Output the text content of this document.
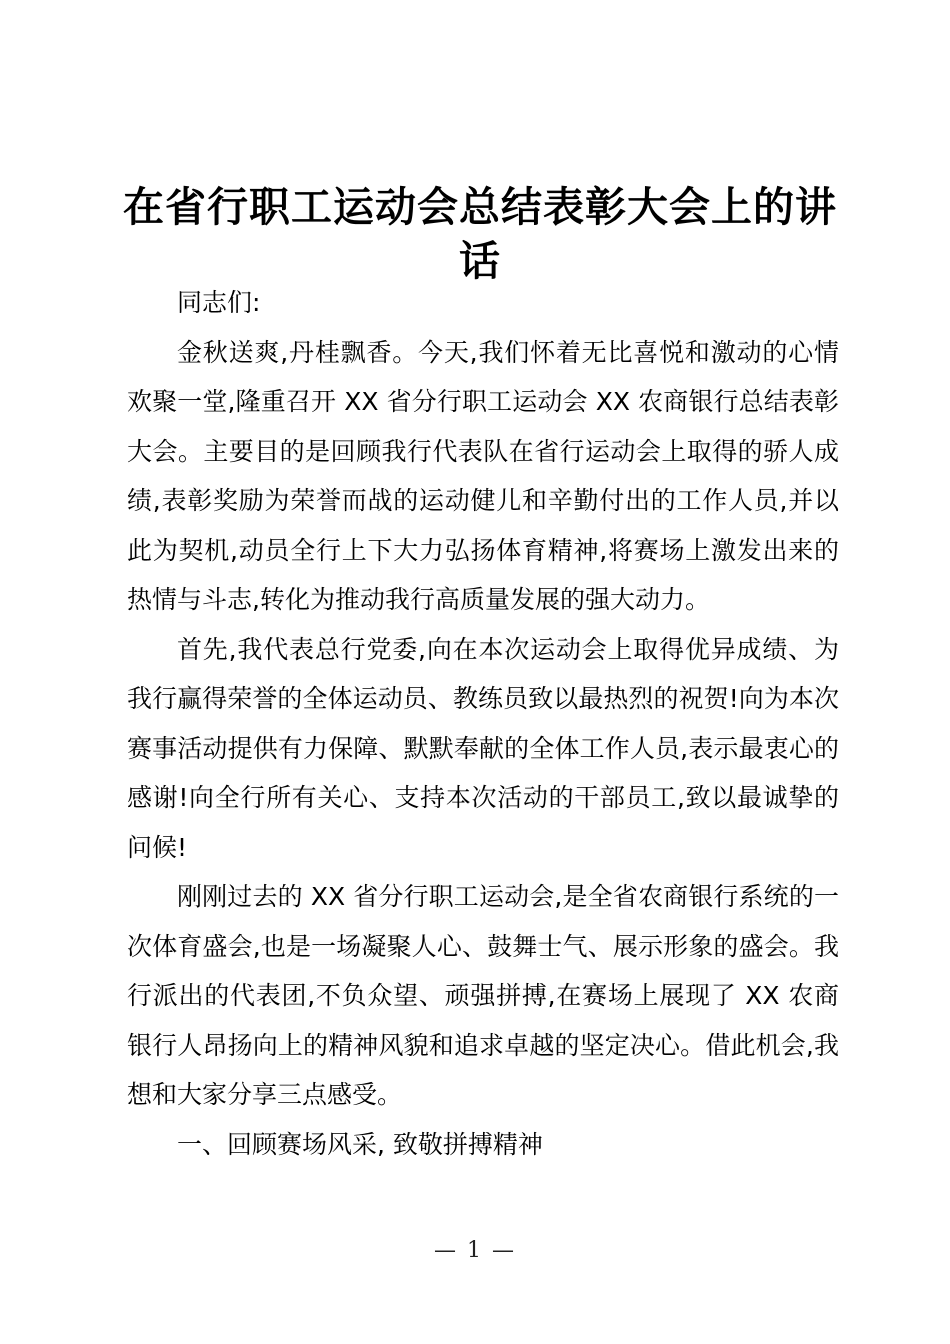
在省行职工运动会总结表彰大会上的讲话

同志们:

金秋送爽,丹桂飘香。今天,我们怀着无比喜悦和激动的心情欢聚一堂,隆重召开 XX 省分行职工运动会 XX 农商银行总结表彰大会。主要目的是回顾我行代表队在省行运动会上取得的骄人成绩,表彰奖励为荣誉而战的运动健儿和辛勤付出的工作人员,并以此为契机,动员全行上下大力弘扬体育精神,将赛场上激发出来的热情与斗志,转化为推动我行高质量发展的强大动力。

首先,我代表总行党委,向在本次运动会上取得优异成绩、为我行赢得荣誉的全体运动员、教练员致以最热烈的祝贺!向为本次赛事活动提供有力保障、默默奉献的全体工作人员,表示最衷心的感谢!向全行所有关心、支持本次活动的干部员工,致以最诚挚的问候!

刚刚过去的 XX 省分行职工运动会,是全省农商银行系统的一次体育盛会,也是一场凝聚人心、鼓舞士气、展示形象的盛会。我行派出的代表团,不负众望、顽强拼搏,在赛场上展现了 XX 农商银行人昂扬向上的精神风貌和追求卓越的坚定决心。借此机会,我想和大家分享三点感受。

一、回顾赛场风采, 致敬拼搏精神

— 1 —
